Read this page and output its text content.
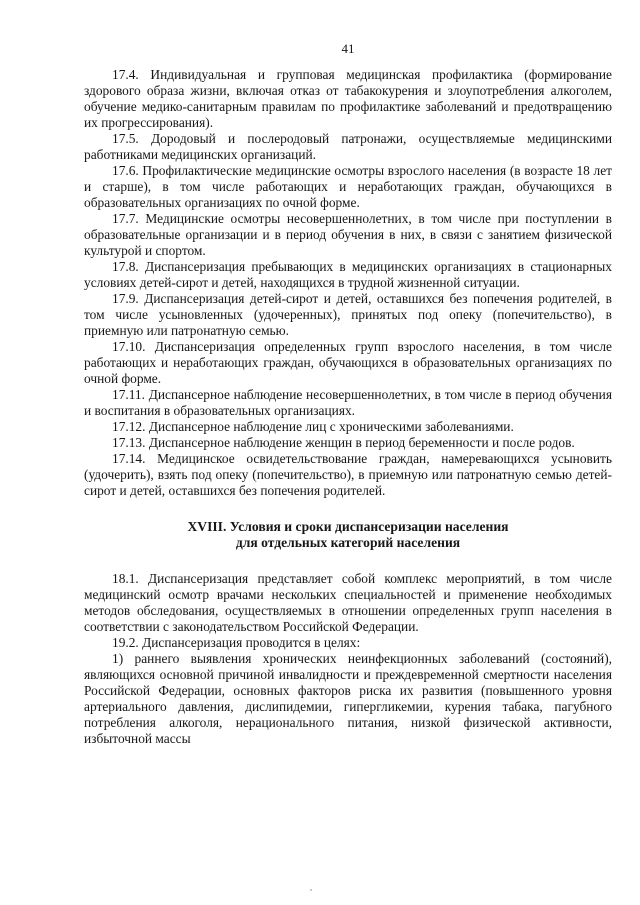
41

17.4. Индивидуальная и групповая медицинская профилактика (формирование здорового образа жизни, включая отказ от табакокурения и злоупотребления алкоголем, обучение медико-санитарным правилам по профилактике заболеваний и предотвращению их прогрессирования).

17.5. Дородовый и послеродовый патронажи, осуществляемые медицинскими работниками медицинских организаций.

17.6. Профилактические медицинские осмотры взрослого населения (в возрасте 18 лет и старше), в том числе работающих и неработающих граждан, обучающихся в образовательных организациях по очной форме.

17.7. Медицинские осмотры несовершеннолетних, в том числе при поступлении в образовательные организации и в период обучения в них, в связи с занятием физической культурой и спортом.

17.8. Диспансеризация пребывающих в медицинских организациях в стационарных условиях детей-сирот и детей, находящихся в трудной жизненной ситуации.

17.9. Диспансеризация детей-сирот и детей, оставшихся без попечения родителей, в том числе усыновленных (удочеренных), принятых под опеку (попечительство), в приемную или патронатную семью.

17.10. Диспансеризация определенных групп взрослого населения, в том числе работающих и неработающих граждан, обучающихся в образовательных организациях по очной форме.

17.11. Диспансерное наблюдение несовершеннолетних, в том числе в период обучения и воспитания в образовательных организациях.

17.12. Диспансерное наблюдение лиц с хроническими заболеваниями.

17.13. Диспансерное наблюдение женщин в период беременности и после родов.

17.14. Медицинское освидетельствование граждан, намеревающихся усыновить (удочерить), взять под опеку (попечительство), в приемную или патронатную семью детей-сирот и детей, оставшихся без попечения родителей.

XVIII. Условия и сроки диспансеризации населения
для отдельных категорий населения

18.1. Диспансеризация представляет собой комплекс мероприятий, в том числе медицинский осмотр врачами нескольких специальностей и применение необходимых методов обследования, осуществляемых в отношении определенных групп населения в соответствии с законодательством Российской Федерации.

19.2. Диспансеризация проводится в целях:

1) раннего выявления хронических неинфекционных заболеваний (состояний), являющихся основной причиной инвалидности и преждевременной смертности населения Российской Федерации, основных факторов риска их развития (повышенного уровня артериального давления, дислипидемии, гипергликемии, курения табака, пагубного потребления алкоголя, нерационального питания, низкой физической активности, избыточной массы
